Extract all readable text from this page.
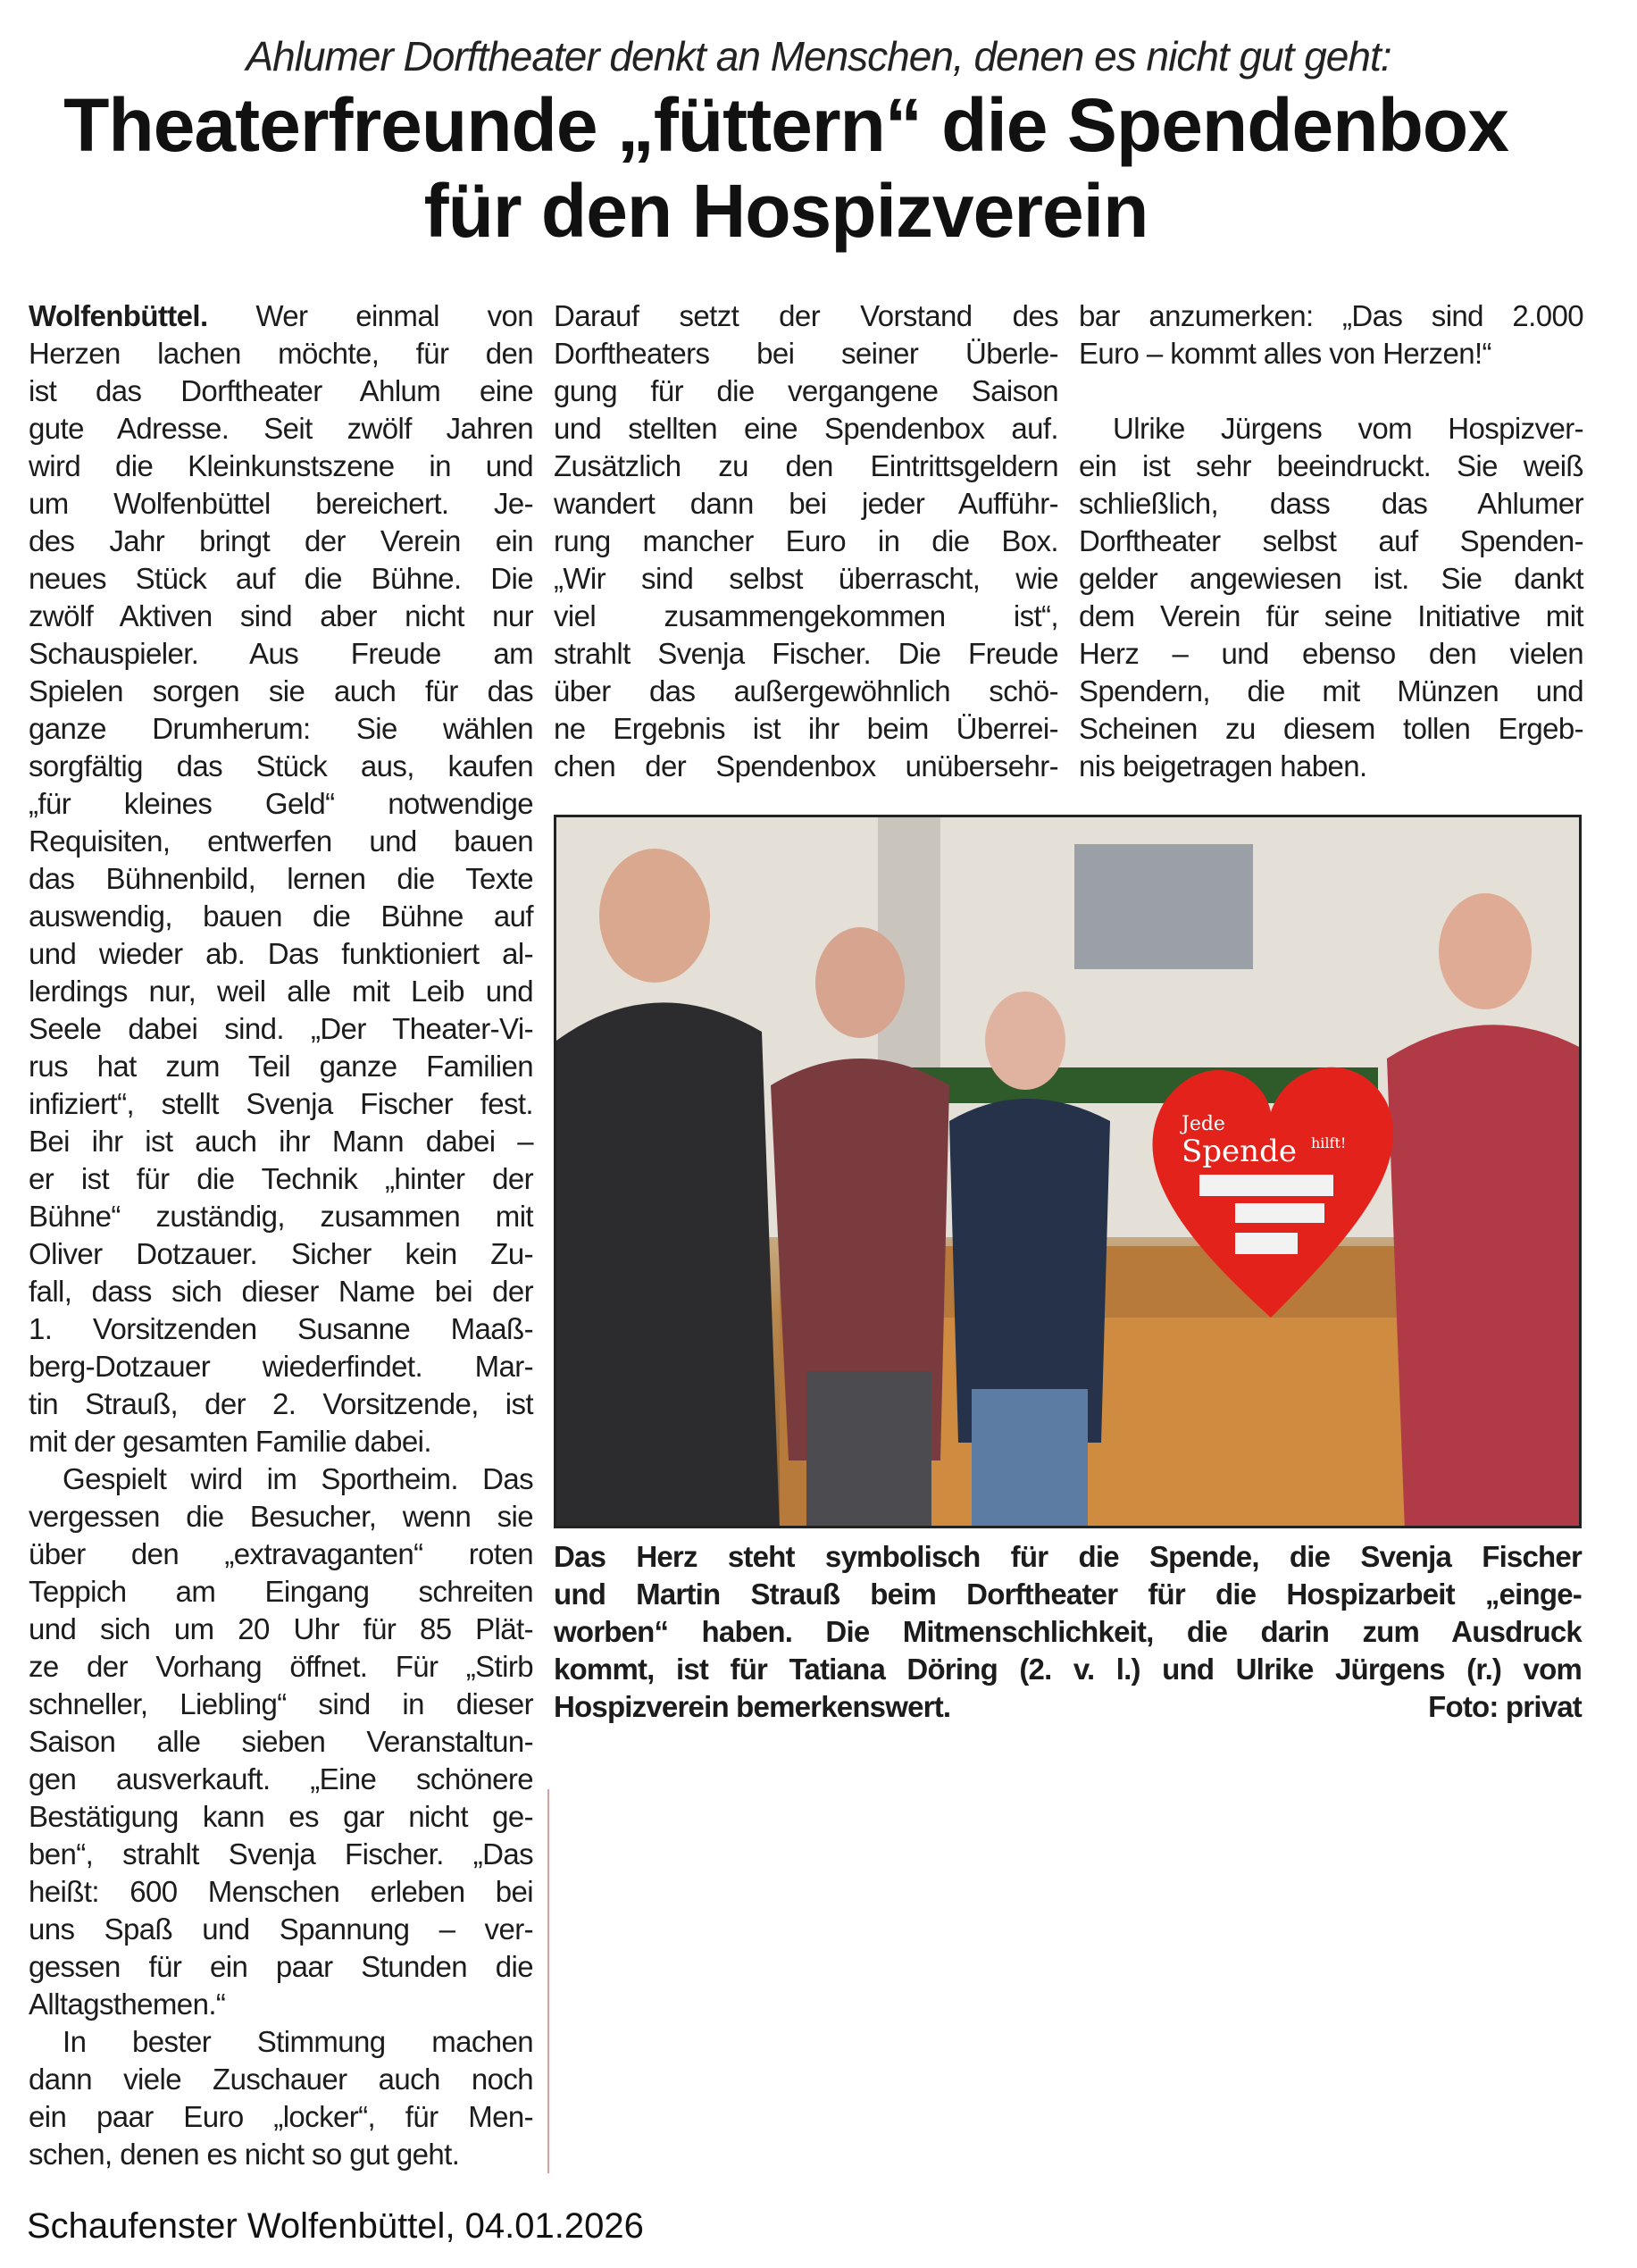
Ahlumer Dorftheater denkt an Menschen, denen es nicht gut geht:
Theaterfreunde „füttern“ die Spendenbox
für den Hospizverein
Wolfenbüttel. Wer einmal von
Herzen lachen möchte, für den
ist das Dorftheater Ahlum eine
gute Adresse. Seit zwölf Jahren
wird die Kleinkunstszene in und
um Wolfenbüttel bereichert. Je-
des Jahr bringt der Verein ein
neues Stück auf die Bühne. Die
zwölf Aktiven sind aber nicht nur
Schauspieler. Aus Freude am
Spielen sorgen sie auch für das
ganze Drumherum: Sie wählen
sorgfältig das Stück aus, kaufen
„für kleines Geld“ notwendige
Requisiten, entwerfen und bauen
das Bühnenbild, lernen die Texte
auswendig, bauen die Bühne auf
und wieder ab. Das funktioniert al-
lerdings nur, weil alle mit Leib und
Seele dabei sind. „Der Theater-Vi-
rus hat zum Teil ganze Familien
infiziert“, stellt Svenja Fischer fest.
Bei ihr ist auch ihr Mann dabei –
er ist für die Technik „hinter der
Bühne“ zuständig, zusammen mit
Oliver Dotzauer. Sicher kein Zu-
fall, dass sich dieser Name bei der
1. Vorsitzenden Susanne Maaß-
berg-Dotzauer wiederfindet. Mar-
tin Strauß, der 2. Vorsitzende, ist
mit der gesamten Familie dabei.
Gespielt wird im Sportheim. Das
vergessen die Besucher, wenn sie
über den „extravaganten“ roten
Teppich am Eingang schreiten
und sich um 20 Uhr für 85 Plät-
ze der Vorhang öffnet. Für „Stirb
schneller, Liebling“ sind in dieser
Saison alle sieben Veranstaltun-
gen ausverkauft. „Eine schönere
Bestätigung kann es gar nicht ge-
ben“, strahlt Svenja Fischer. „Das
heißt: 600 Menschen erleben bei
uns Spaß und Spannung – ver-
gessen für ein paar Stunden die
Alltagsthemen.“
In bester Stimmung machen
dann viele Zuschauer auch noch
ein paar Euro „locker“, für Men-
schen, denen es nicht so gut geht.
Darauf setzt der Vorstand des
Dorftheaters bei seiner Überle-
gung für die vergangene Saison
und stellten eine Spendenbox auf.
Zusätzlich zu den Eintrittsgeldern
wandert dann bei jeder Aufführ-
rung mancher Euro in die Box.
„Wir sind selbst überrascht, wie
viel zusammengekommen ist“,
strahlt Svenja Fischer. Die Freude
über das außergewöhnlich schö-
ne Ergebnis ist ihr beim Überrei-
chen der Spendenbox unübersehr-
bar anzumerken: „Das sind 2.000
Euro – kommt alles von Herzen!“
Ulrike Jürgens vom Hospizver-
ein ist sehr beeindruckt. Sie weiß
schließlich, dass das Ahlumer
Dorftheater selbst auf Spenden-
gelder angewiesen ist. Sie dankt
dem Verein für seine Initiative mit
Herz – und ebenso den vielen
Spendern, die mit Münzen und
Scheinen zu diesem tollen Ergeb-
nis beigetragen haben.
Jede
Spende hilft!
Das Herz steht symbolisch für die Spende, die Svenja Fischer
und Martin Strauß beim Dorftheater für die Hospizarbeit „einge-
worben“ haben. Die Mitmenschlichkeit, die darin zum Ausdruck
kommt, ist für Tatiana Döring (2. v. l.) und Ulrike Jürgens (r.) vom
Hospizverein bemerkenswert.	Foto: privat
Schaufenster Wolfenbüttel, 04.01.2026
